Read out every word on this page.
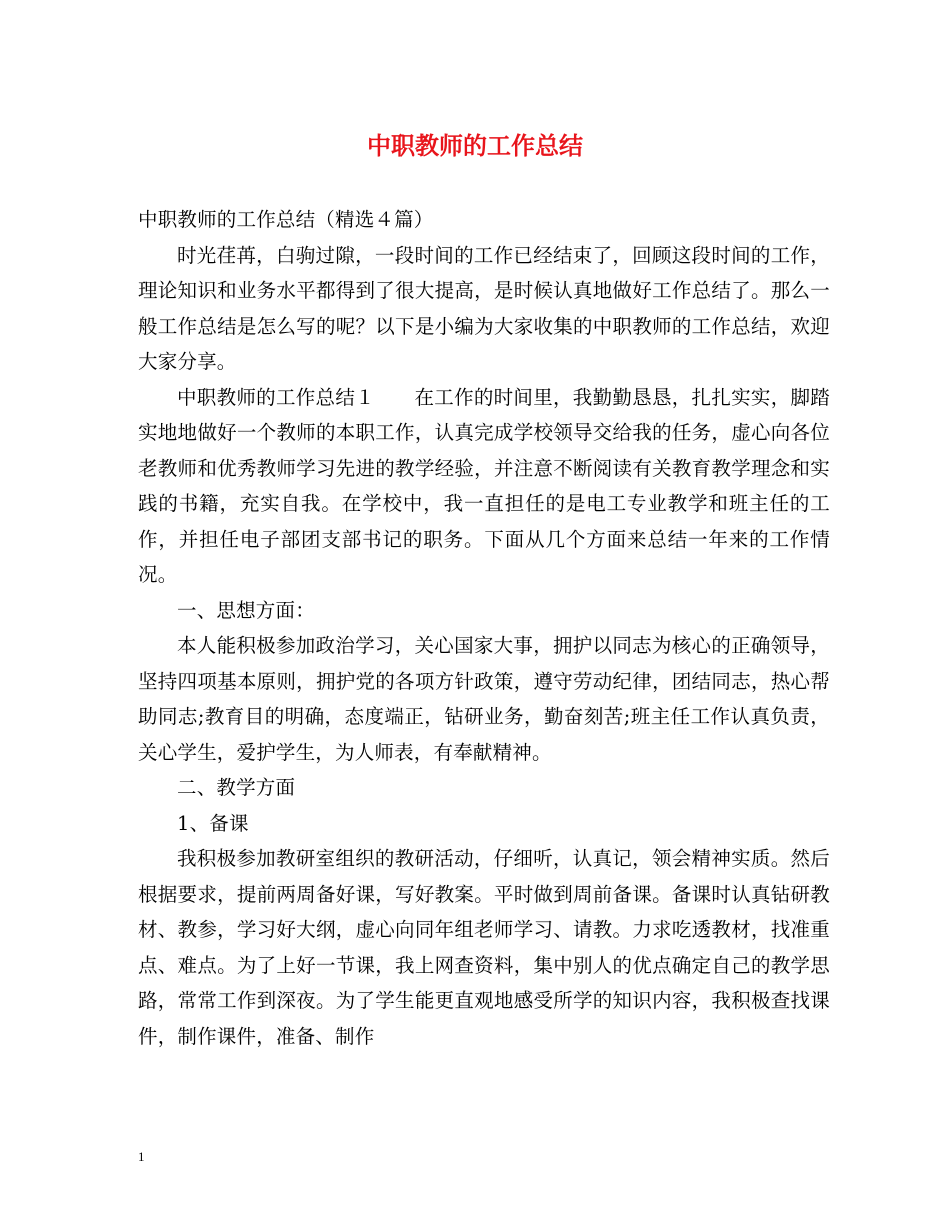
中职教师的工作总结

中职教师的工作总结（精选４篇）

时光荏苒，白驹过隙，一段时间的工作已经结束了，回顾这段时间的工作，理论知识和业务水平都得到了很大提高，是时候认真地做好工作总结了。那么一般工作总结是怎么写的呢？以下是小编为大家收集的中职教师的工作总结，欢迎大家分享。

中职教师的工作总结１　　在工作的时间里，我勤勤恳恳，扎扎实实，脚踏实地地做好一个教师的本职工作，认真完成学校领导交给我的任务，虚心向各位老教师和优秀教师学习先进的教学经验，并注意不断阅读有关教育教学理念和实践的书籍，充实自我。在学校中，我一直担任的是电工专业教学和班主任的工作，并担任电子部团支部书记的职务。下面从几个方面来总结一年来的工作情况。

一、思想方面：

本人能积极参加政治学习，关心国家大事，拥护以同志为核心的正确领导，坚持四项基本原则，拥护党的各项方针政策，遵守劳动纪律，团结同志，热心帮助同志;教育目的明确，态度端正，钻研业务，勤奋刻苦;班主任工作认真负责，关心学生，爱护学生，为人师表，有奉献精神。

二、教学方面

1、备课

我积极参加教研室组织的教研活动，仔细听，认真记，领会精神实质。然后根据要求，提前两周备好课，写好教案。平时做到周前备课。备课时认真钻研教材、教参，学习好大纲，虚心向同年组老师学习、请教。力求吃透教材，找准重点、难点。为了上好一节课，我上网查资料，集中别人的优点确定自己的教学思路，常常工作到深夜。为了学生能更直观地感受所学的知识内容，我积极查找课件，制作课件，准备、制作

1
